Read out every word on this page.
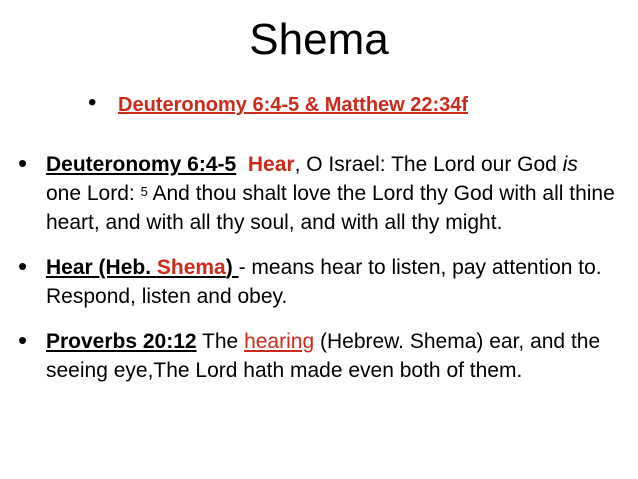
Shema
• Deuteronomy 6:4-5 & Matthew 22:34f
• Deuteronomy 6:4-5 Hear, O Israel: The Lord our God is one Lord: $^5$ And thou shalt love the Lord thy God with all thine heart, and with all thy soul, and with all thy might.
• Hear (Heb. Shema) - means hear to listen, pay attention to. Respond, listen and obey.
• Proverbs 20:12 The hearing (Hebrew. Shema) ear, and the seeing eye,The Lord hath made even both of them.
